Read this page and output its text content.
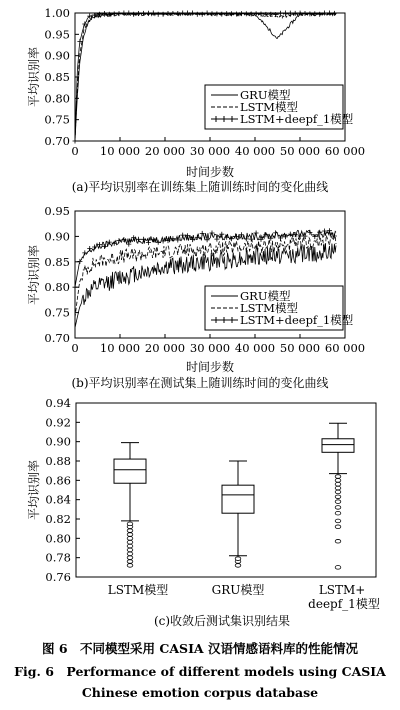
平均识别率
时间步数
0.70
0.75
0.80
0.85
0.90
0.95
1.00
0 10 000 20 000 30 000 40 000 50 000 60 000
GRU模型
LSTM模型
LSTM+deepf_1模型
(a)平均识别率在训练集上随训练时间的变化曲线
平均识别率
时间步数
0.70
0.75
0.80
0.85
0.90
0.95
0 10 000 20 000 30 000 40 000 50 000 60 000
GRU模型
LSTM模型
LSTM+deepf_1模型
(b)平均识别率在测试集上随训练时间的变化曲线
平均识别率
0.76
0.78
0.80
0.82
0.84
0.86
0.88
0.90
0.92
0.94
LSTM模型	GRU模型	LSTM+ deepf_1模型
(c)收敛后测试集识别结果
图 6　不同模型采用 CASIA 汉语情感语料库的性能情况
Fig. 6　Performance of different models using CASIA
Chinese emotion corpus database
